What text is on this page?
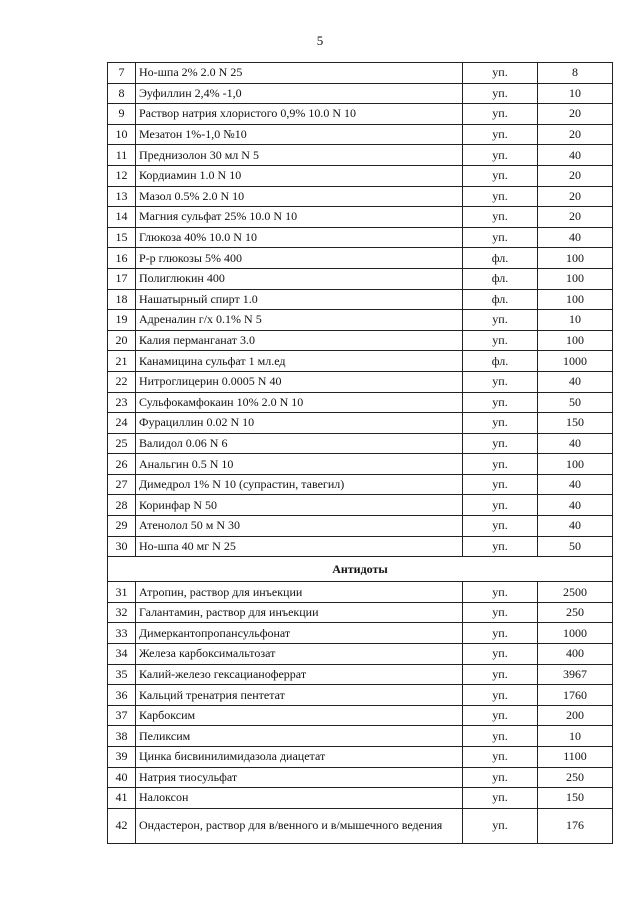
5
7	Но-шпа 2% 2.0 N 25	уп.	8
8	Эуфиллин 2,4% -1,0	уп.	10
9	Раствор натрия хлористого 0,9% 10.0 N 10	уп.	20
10	Мезатон 1%-1,0 №10	уп.	20
11	Преднизолон 30 мл N 5	уп.	40
12	Кордиамин 1.0 N 10	уп.	20
13	Мазол 0.5% 2.0 N 10	уп.	20
14	Магния сульфат 25% 10.0 N 10	уп.	20
15	Глюкоза 40% 10.0 N 10	уп.	40
16	Р-р глюкозы 5% 400	фл.	100
17	Полиглюкин 400	фл.	100
18	Нашатырный спирт 1.0	фл.	100
19	Адреналин г/х 0.1% N 5	уп.	10
20	Калия перманганат 3.0	уп.	100
21	Канамицина сульфат 1 мл.ед	фл.	1000
22	Нитроглицерин 0.0005 N 40	уп.	40
23	Сульфокамфокаин 10% 2.0 N 10	уп.	50
24	Фурациллин 0.02 N 10	уп.	150
25	Валидол 0.06 N 6	уп.	40
26	Анальгин 0.5 N 10	уп.	100
27	Димедрол 1% N 10 (супрастин, тавегил)	уп.	40
28	Коринфар N 50	уп.	40
29	Атенолол 50 м N 30	уп.	40
30	Но-шпа 40 мг N 25	уп.	50
Антидоты			
31	Атропин, раствор для инъекции	уп.	2500
32	Галантамин, раствор для инъекции	уп.	250
33	Димеркантопропансульфонат	уп.	1000
34	Железа карбоксимальтозат	уп.	400
35	Калий-железо гексацианоферрат	уп.	3967
36	Кальций тренатрия пентетат	уп.	1760
37	Карбоксим	уп.	200
38	Пеликсим	уп.	10
39	Цинка бисвинилимидазола диацетат	уп.	1100
40	Натрия тиосульфат	уп.	250
41	Налоксон	уп.	150
42	Ондастерон, раствор для в/венного и в/мышечного ведения	уп.	176
